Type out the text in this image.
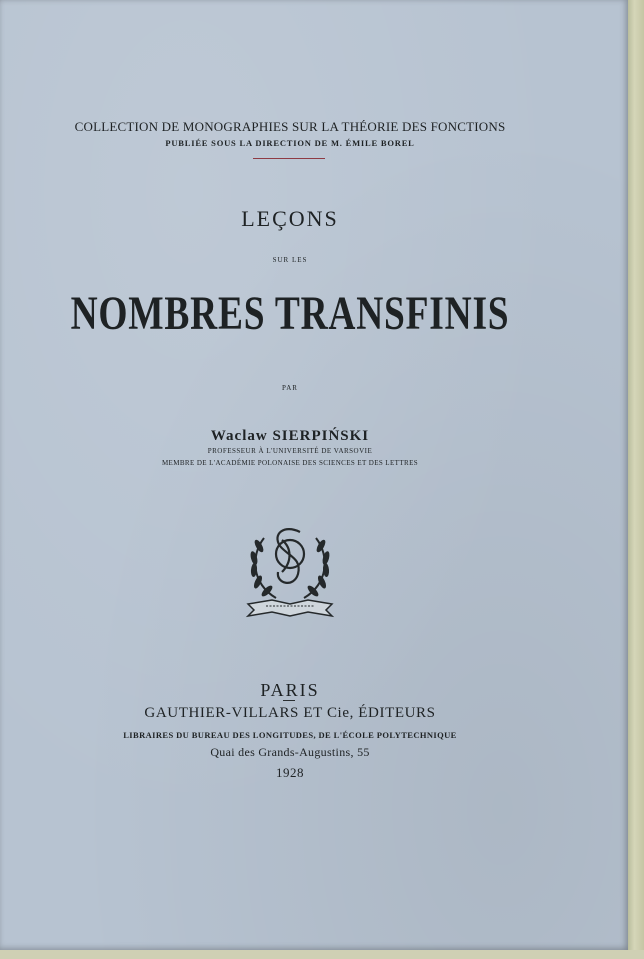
COLLECTION DE MONOGRAPHIES SUR LA THÉORIE DES FONCTIONS
PUBLIÉE SOUS LA DIRECTION DE M. ÉMILE BOREL
LEÇONS
SUR LES
NOMBRES TRANSFINIS
PAR
Waclaw SIERPIŃSKI
PROFESSEUR À L'UNIVERSITÉ DE VARSOVIE
MEMBRE DE L'ACADÉMIE POLONAISE DES SCIENCES ET DES LETTRES
PARIS
GAUTHIER-VILLARS ET Cie, ÉDITEURS
LIBRAIRES DU BUREAU DES LONGITUDES, DE L'ÉCOLE POLYTECHNIQUE
Quai des Grands-Augustins, 55
1928
